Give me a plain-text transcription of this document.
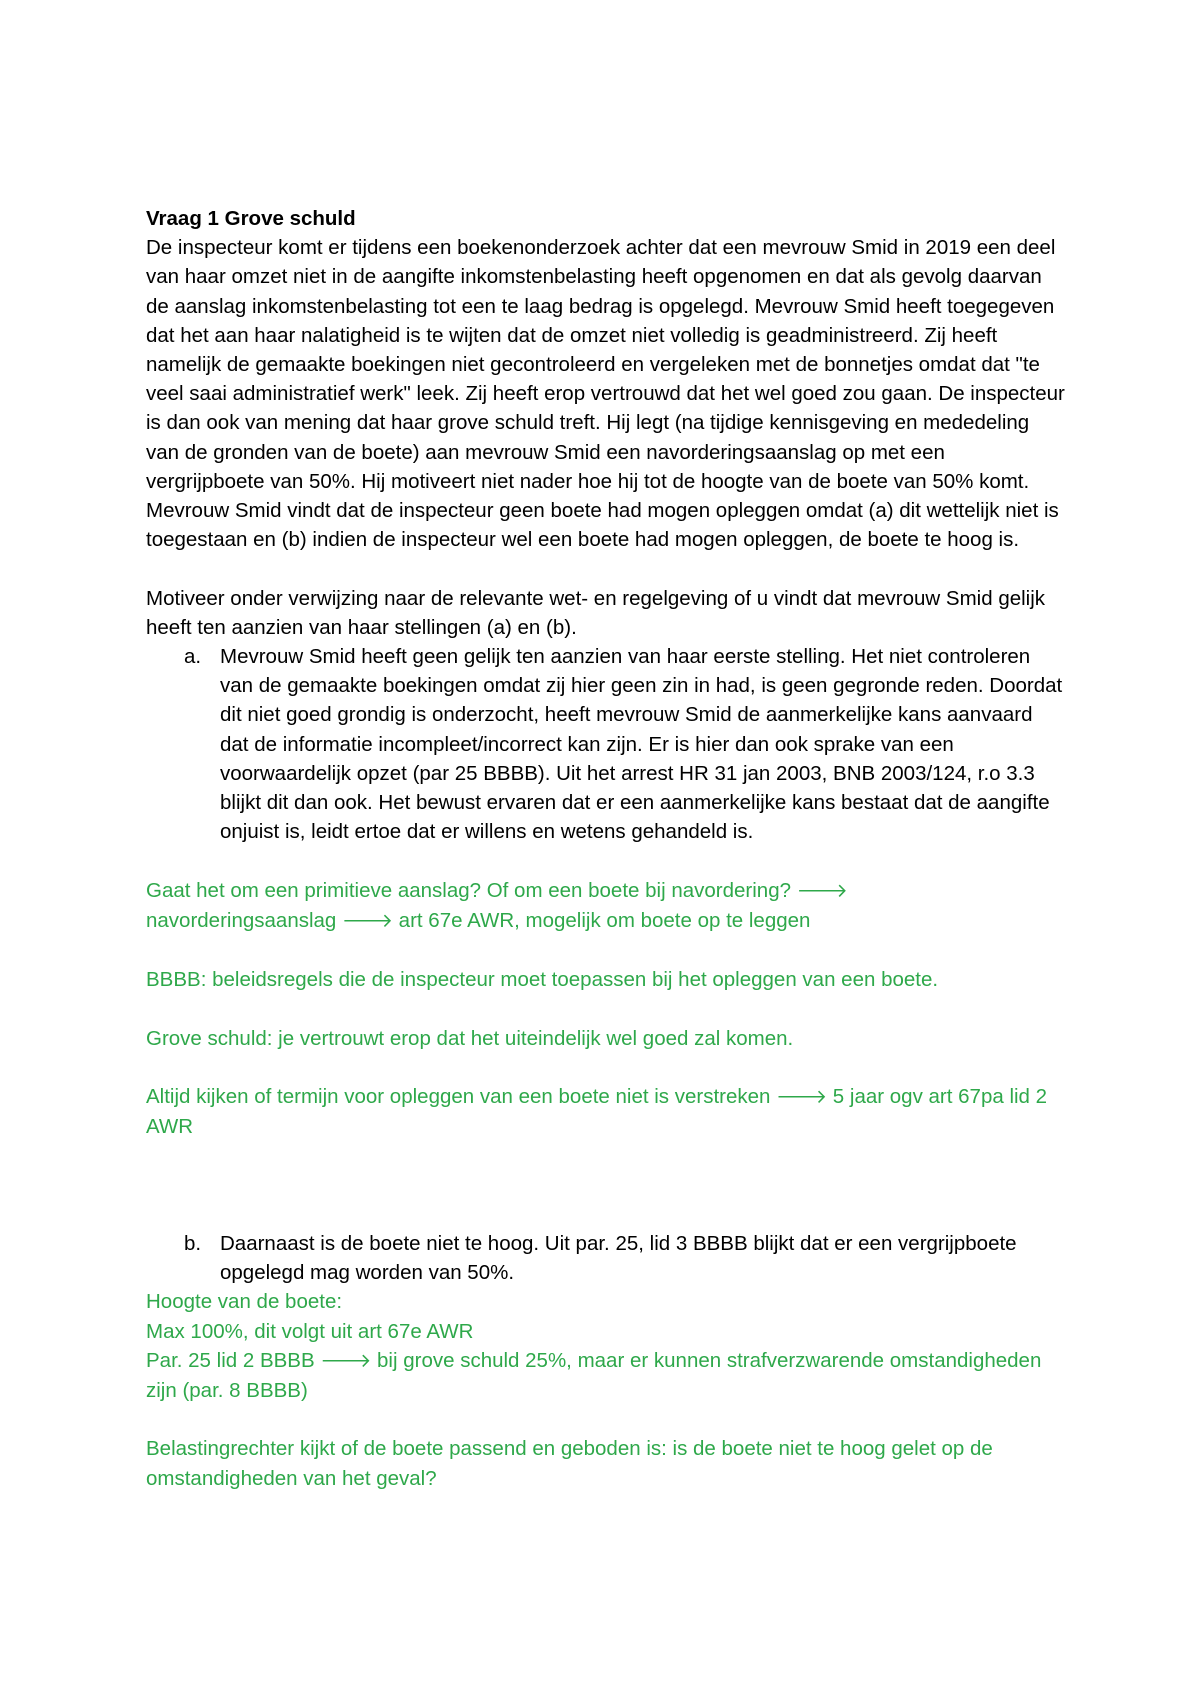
Vraag 1 Grove schuld

De inspecteur komt er tijdens een boekenonderzoek achter dat een mevrouw Smid in 2019 een deel van haar omzet niet in de aangifte inkomstenbelasting heeft opgenomen en dat als gevolg daarvan de aanslag inkomstenbelasting tot een te laag bedrag is opgelegd. Mevrouw Smid heeft toegegeven dat het aan haar nalatigheid is te wijten dat de omzet niet volledig is geadministreerd. Zij heeft namelijk de gemaakte boekingen niet gecontroleerd en vergeleken met de bonnetjes omdat dat "te veel saai administratief werk" leek. Zij heeft erop vertrouwd dat het wel goed zou gaan. De inspecteur is dan ook van mening dat haar grove schuld treft. Hij legt (na tijdige kennisgeving en mededeling van de gronden van de boete) aan mevrouw Smid een navorderingsaanslag op met een vergrijpboete van 50%. Hij motiveert niet nader hoe hij tot de hoogte van de boete van 50% komt. Mevrouw Smid vindt dat de inspecteur geen boete had mogen opleggen omdat (a) dit wettelijk niet is toegestaan en (b) indien de inspecteur wel een boete had mogen opleggen, de boete te hoog is.

Motiveer onder verwijzing naar de relevante wet- en regelgeving of u vindt dat mevrouw Smid gelijk heeft ten aanzien van haar stellingen (a) en (b).

a. Mevrouw Smid heeft geen gelijk ten aanzien van haar eerste stelling. Het niet controleren van de gemaakte boekingen omdat zij hier geen zin in had, is geen gegronde reden. Doordat dit niet goed grondig is onderzocht, heeft mevrouw Smid de aanmerkelijke kans aanvaard dat de informatie incompleet/incorrect kan zijn. Er is hier dan ook sprake van een voorwaardelijk opzet (par 25 BBBB). Uit het arrest HR 31 jan 2003, BNB 2003/124, r.o 3.3 blijkt dit dan ook. Het bewust ervaren dat er een aanmerkelijke kans bestaat dat de aangifte onjuist is, leidt ertoe dat er willens en wetens gehandeld is.

Gaat het om een primitieve aanslag? Of om een boete bij navordering? 🡒
navorderingsaanslag 🡒 art 67e AWR, mogelijk om boete op te leggen

BBBB: beleidsregels die de inspecteur moet toepassen bij het opleggen van een boete.

Grove schuld: je vertrouwt erop dat het uiteindelijk wel goed zal komen.

Altijd kijken of termijn voor opleggen van een boete niet is verstreken 🡒 5 jaar ogv art 67pa lid 2 AWR

b. Daarnaast is de boete niet te hoog. Uit par. 25, lid 3 BBBB blijkt dat er een vergrijpboete opgelegd mag worden van 50%.

Hoogte van de boete:

Max 100%, dit volgt uit art 67e AWR

Par. 25 lid 2 BBBB 🡒 bij grove schuld 25%, maar er kunnen strafverzwarende omstandigheden zijn (par. 8 BBBB)

Belastingrechter kijkt of de boete passend en geboden is: is de boete niet te hoog gelet op de omstandigheden van het geval?
